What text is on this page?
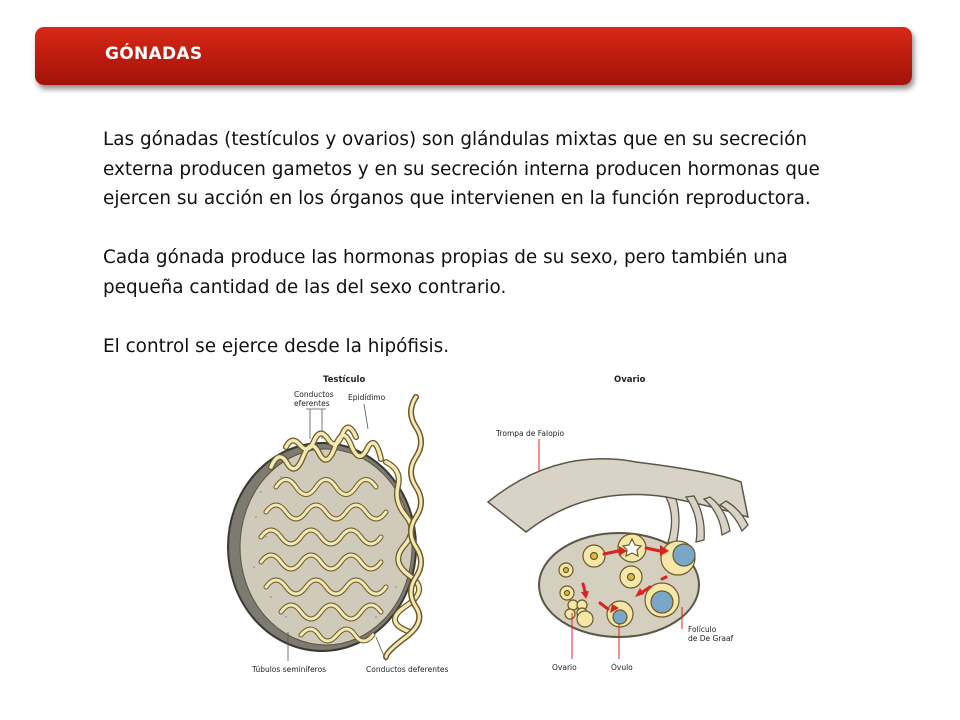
GÓNADAS

Las gónadas (testículos y ovarios) son glándulas mixtas que en su secreción externa producen gametos y en su secreción interna producen hormonas que ejercen su acción en los órganos que intervienen en la función reproductora.

Cada gónada produce las hormonas propias de su sexo, pero también una pequeña cantidad de las del sexo contrario.

El control se ejerce desde la hipófisis.

Testículo
Conductos
eferentes
Epidídimo
Túbulos seminíferos	Conductos deferentes
Ovario
Trompa de Falopio
Ovario	Óvulo
Folículo
de De Graaf
